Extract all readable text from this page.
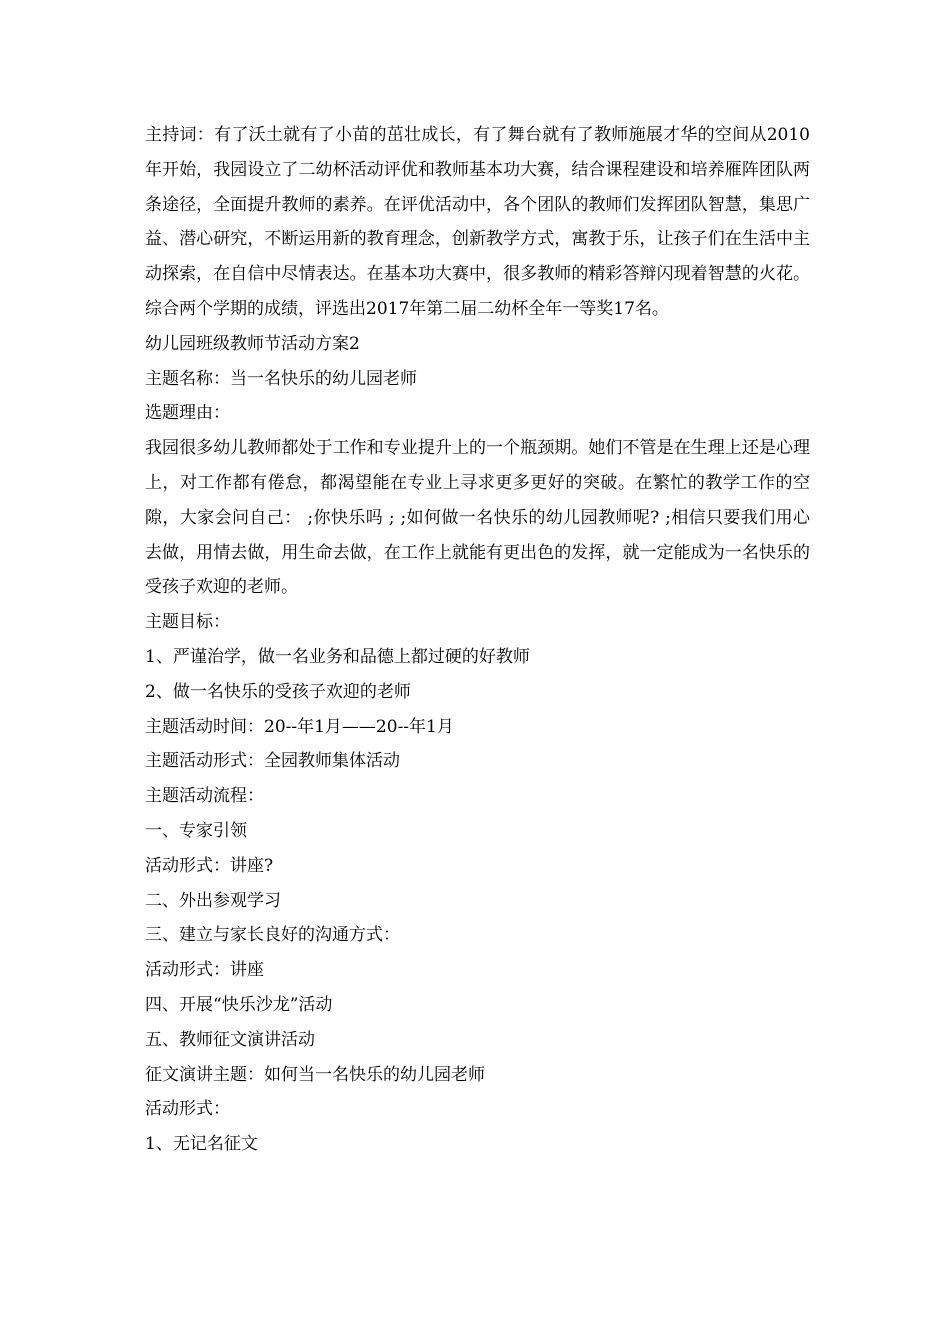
主持词：有了沃土就有了小苗的茁壮成长，有了舞台就有了教师施展才华的空间从2010年开始，我园设立了二幼杯活动评优和教师基本功大赛，结合课程建设和培养雁阵团队两条途径，全面提升教师的素养。在评优活动中，各个团队的教师们发挥团队智慧，集思广益、潜心研究，不断运用新的教育理念，创新教学方式，寓教于乐，让孩子们在生活中主动探索，在自信中尽情表达。在基本功大赛中，很多教师的精彩答辩闪现着智慧的火花。综合两个学期的成绩，评选出2017年第二届二幼杯全年一等奖17名。

幼儿园班级教师节活动方案2

主题名称：当一名快乐的幼儿园老师

选题理由：

我园很多幼儿教师都处于工作和专业提升上的一个瓶颈期。她们不管是在生理上还是心理上，对工作都有倦怠，都渴望能在专业上寻求更多更好的突破。在繁忙的教学工作的空隙，大家会问自己： ;你快乐吗 ; ;如何做一名快乐的幼儿园教师呢? ;相信只要我们用心去做，用情去做，用生命去做，在工作上就能有更出色的发挥，就一定能成为一名快乐的受孩子欢迎的老师。

主题目标：

1、严谨治学，做一名业务和品德上都过硬的好教师

2、做一名快乐的受孩子欢迎的老师

主题活动时间：20--年1月——20--年1月

主题活动形式：全园教师集体活动

主题活动流程：

一、专家引领

活动形式：讲座?

二、外出参观学习

三、建立与家长良好的沟通方式：

活动形式：讲座

四、开展“快乐沙龙”活动

五、教师征文演讲活动

征文演讲主题：如何当一名快乐的幼儿园老师

活动形式：

1、无记名征文
